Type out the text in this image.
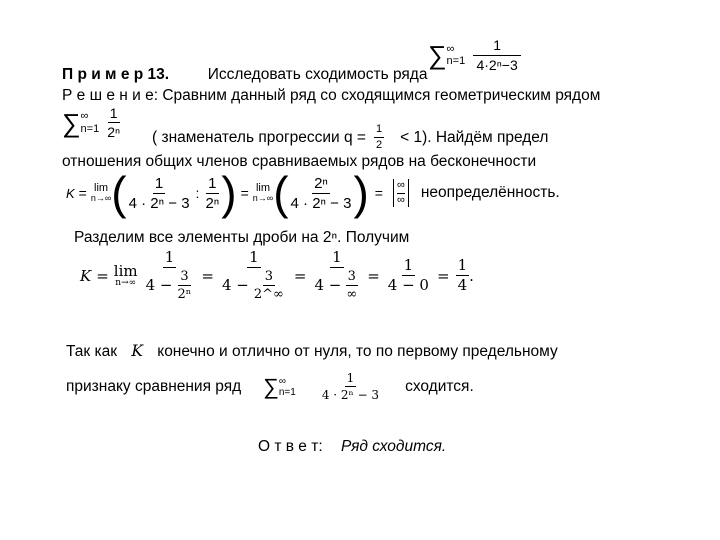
П р и м е р 13. Исследовать сходимость ряда
∑ ∞
$n=1 \frac{1}{\text{4·2ⁿ−3}}$
Р е ш е н и е: Сравним данный ряд со сходящимся геометрическим рядом
∑ ∞
$n=1 \frac{1}{\text{2ⁿ}}$ ( знаменатель прогрессии $q = \frac{1}{2} < 1$). Найдём предел
отношения общих членов сравниваемых рядов на бесконечности
K = lim
n→∞ ( $\frac{1}{\text{4 · 2ⁿ − 3}}$ : $\frac{1}{\text{2ⁿ}}$ ) = lim
n→∞ ( $\frac{\text{2ⁿ}}{\text{4 · 2ⁿ − 3}}$ ) = ∞
∞ неопределённость.
Разделим все элементы дроби на 2ⁿ. Получим
K = lim
$n\to\infty \frac{1}{4 - \frac{3}{\text{2ⁿ}}} = \frac{1}{4 - \frac{3}{2\^{}\infty}} = \frac{1}{4 - \frac{3}{\infty}} = \frac{1}{4 - 0} = \frac{1}{4}$ .
Так как K конечно и отлично от нуля, то по первому предельному
признаку сравнения ряд ∑ ∞
$n=1 \frac{1}{\text{4 · 2ⁿ − 3}}$ сходится.
О т в е т: Ряд сходится.
